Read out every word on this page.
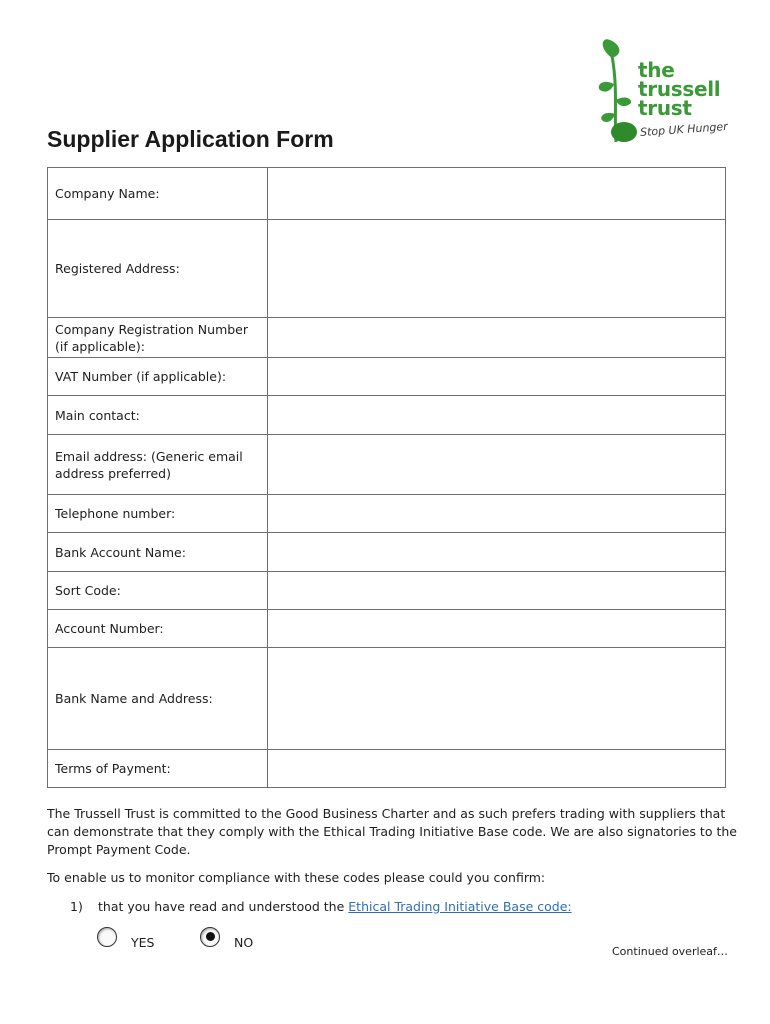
the
trussell
trust
Stop UK Hunger
Supplier Application Form
Company Name:	
Registered Address:	
Company Registration Number (if applicable):	
VAT Number (if applicable):	
Main contact:	
Email address: (Generic email address preferred)	
Telephone number:	
Bank Account Name:	
Sort Code:	
Account Number:	
Bank Name and Address:	
Terms of Payment:	

The Trussell Trust is committed to the Good Business Charter and as such prefers trading with suppliers that can demonstrate that they comply with the Ethical Trading Initiative Base code. We are also signatories to the Prompt Payment Code.

To enable us to monitor compliance with these codes please could you confirm:

1) that you have read and understood the Ethical Trading Initiative Base code:
YES	NO
Continued overleaf…
